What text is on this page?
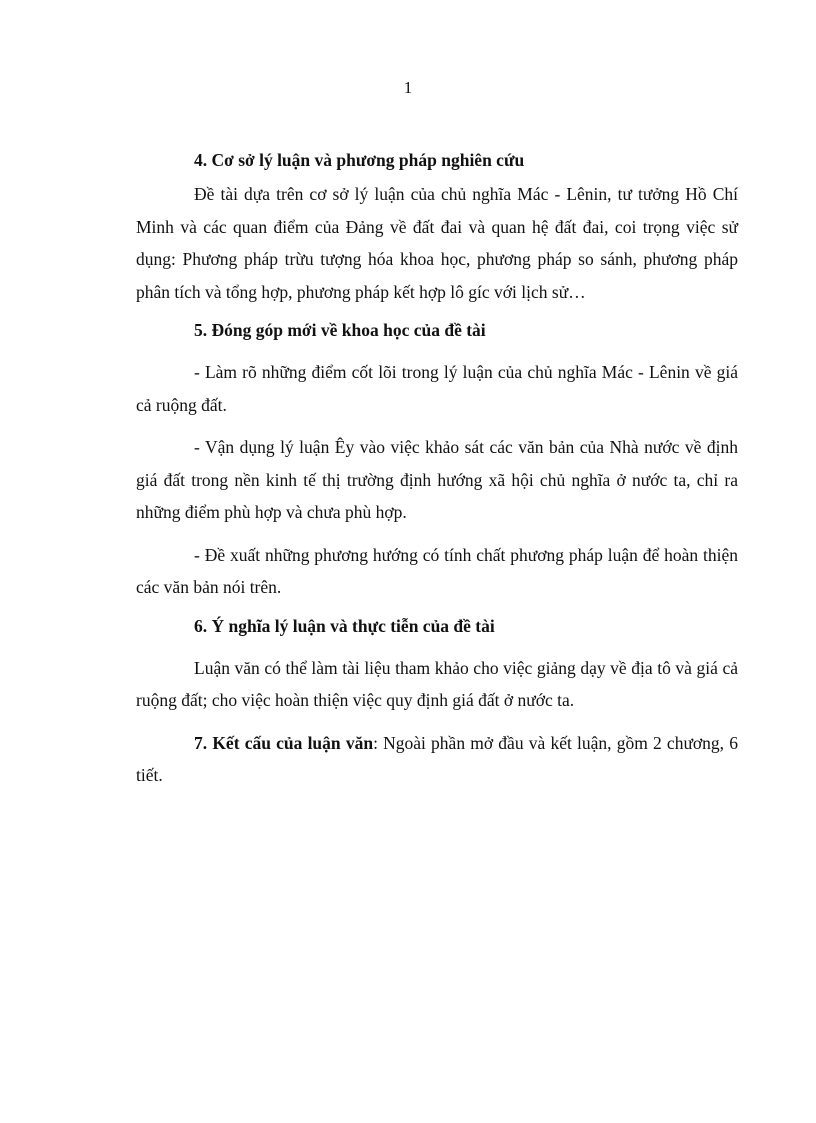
1

4. Cơ sở lý luận và phương pháp nghiên cứu

Đề tài dựa trên cơ sở lý luận của chủ nghĩa Mác - Lênin, tư tưởng Hồ Chí Minh và các quan điểm của Đảng về đất đai và quan hệ đất đai, coi trọng việc sử dụng: Phương pháp trừu tượng hóa khoa học, phương pháp so sánh, phương pháp phân tích và tổng hợp, phương pháp kết hợp lô gíc với lịch sử…

5. Đóng góp mới về khoa học của đề tài

- Làm rõ những điểm cốt lõi trong lý luận của chủ nghĩa Mác - Lênin về giá cả ruộng đất.

- Vận dụng lý luận Êy vào việc khảo sát các văn bản của Nhà nước về định giá đất trong nền kinh tế thị trường định hướng xã hội chủ nghĩa ở nước ta, chỉ ra những điểm phù hợp và chưa phù hợp.

- Đề xuất những phương hướng có tính chất phương pháp luận để hoàn thiện các văn bản nói trên.

6. Ý nghĩa lý luận và thực tiễn của đề tài

Luận văn có thể làm tài liệu tham khảo cho việc giảng dạy về địa tô và giá cả ruộng đất; cho việc hoàn thiện việc quy định giá đất ở nước ta.

7. Kết cấu của luận văn: Ngoài phần mở đầu và kết luận, gồm 2 chương, 6 tiết.
